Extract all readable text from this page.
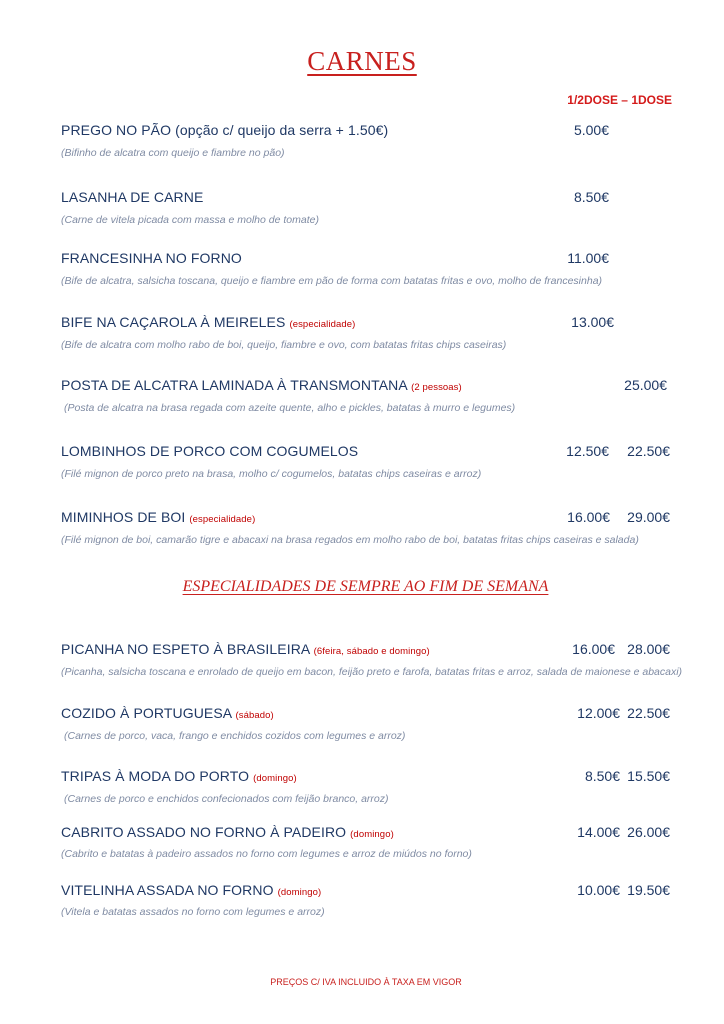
CARNES
1/2DOSE – 1DOSE
PREGO NO PÃO (opção c/ queijo da serra + 1.50€)
(Bifinho de alcatra com queijo e fiambre no pão)
5.00€
LASANHA DE CARNE
(Carne de vitela picada com massa e molho de tomate)
8.50€
FRANCESINHA NO FORNO
(Bife de alcatra, salsicha toscana, queijo e fiambre em pão de forma com batatas fritas e ovo, molho de francesinha)
11.00€
BIFE NA CAÇAROLA À MEIRELES (especialidade)
(Bife de alcatra com molho rabo de boi, queijo, fiambre e ovo, com batatas fritas chips caseiras)
13.00€
POSTA DE ALCATRA LAMINADA À TRANSMONTANA (2 pessoas)
(Posta de alcatra na brasa regada com azeite quente, alho e pickles, batatas à murro e legumes)
25.00€
LOMBINHOS DE PORCO COM COGUMELOS
(Filé mignon de porco preto na brasa, molho c/ cogumelos, batatas chips caseiras e arroz)
12.50€ 22.50€
MIMINHOS DE BOI (especialidade)
(Filé mignon de boi, camarão tigre e abacaxi na brasa regados em molho rabo de boi, batatas fritas chips caseiras e salada)
16.00€ 29.00€
ESPECIALIDADES DE SEMPRE AO FIM DE SEMANA
PICANHA NO ESPETO À BRASILEIRA (6feira, sábado e domingo)
(Picanha, salsicha toscana e enrolado de queijo em bacon, feijão preto e farofa, batatas fritas e arroz, salada de maionese e abacaxi)
16.00€ 28.00€
COZIDO À PORTUGUESA (sábado)
(Carnes de porco, vaca, frango e enchidos cozidos com legumes e arroz)
12.00€ 22.50€
TRIPAS À MODA DO PORTO (domingo)
(Carnes de porco e enchidos confecionados com feijão branco, arroz)
8.50€ 15.50€
CABRITO ASSADO NO FORNO À PADEIRO (domingo)
(Cabrito e batatas à padeiro assados no forno com legumes e arroz de miúdos no forno)
14.00€ 26.00€
VITELINHA ASSADA NO FORNO (domingo)
(Vitela e batatas assados no forno com legumes e arroz)
10.00€ 19.50€
PREÇOS C/ IVA INCLUIDO À TAXA EM VIGOR
